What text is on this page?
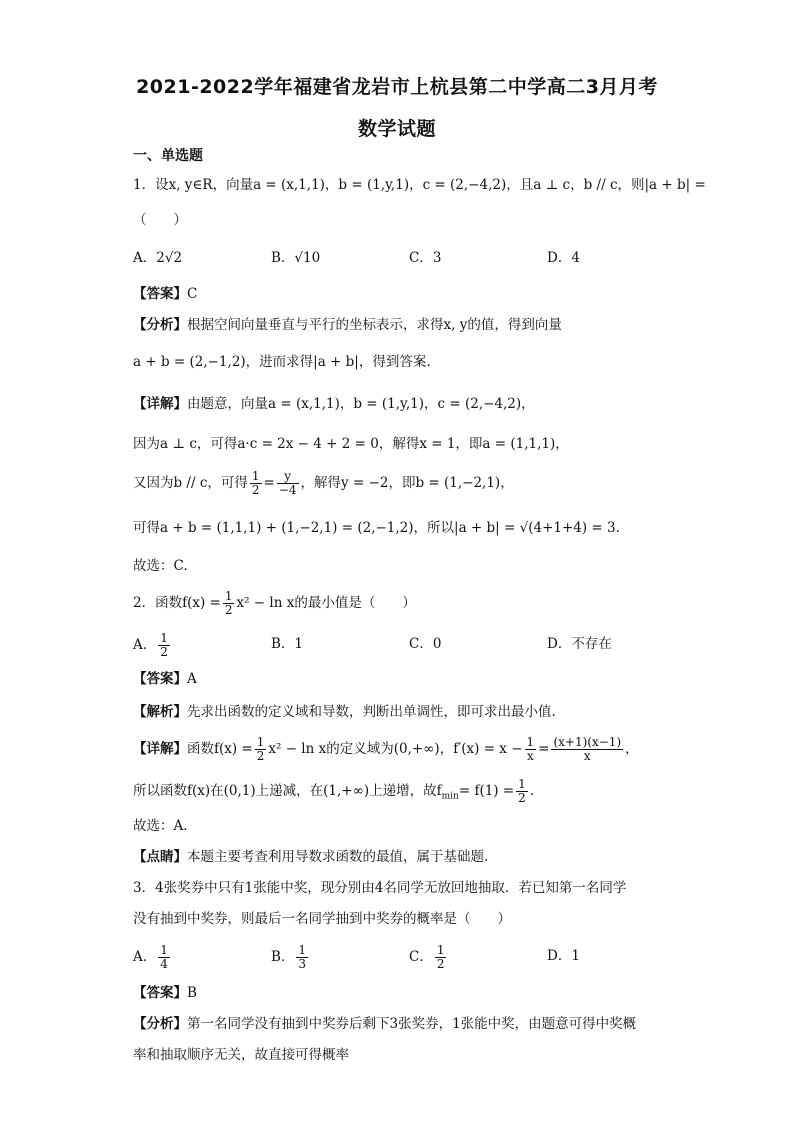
2021-2022学年福建省龙岩市上杭县第二中学高二3月月考
数学试题
一、单选题
1．设x, y∈R，向量a = (x,1,1)，b = (1,y,1)，c = (2,−4,2)，且a ⊥ c，b // c，则|a + b| =
（　　）
A．2√2	B．√10	C．3	D．4
【答案】C
【分析】根据空间向量垂直与平行的坐标表示，求得x, y的值，得到向量
a + b = (2,−1,2)，进而求得|a + b|，得到答案.
【详解】由题意，向量a = (x,1,1)，b = (1,y,1)，c = (2,−4,2)，
因为a ⊥ c，可得a·c = 2x − 4 + 2 = 0，解得x = 1，即a = (1,1,1)，
又因为b // c，可得 $\frac{1}{2} = \frac{y}{-4}$ ，解得y = −2，即b = (1,−2,1)，
可得a + b = (1,1,1) + (1,−2,1) = (2,−1,2)，所以|a + b| = √(4+1+4) = 3.
故选：C.
2．函数$f(x) = \frac{1}{2} x^2 - \ln x$的最小值是（　　）
A． $\frac{1}{2}$	B．1	C．0	D．不存在
【答案】A
【解析】先求出函数的定义域和导数，判断出单调性，即可求出最小值.
【详解】函数$f(x) = \frac{1}{2} x^2 - \ln x$的定义域为(0,+∞)，$f'(x) = x - \frac{1}{x} = \frac{(x+1)(x-1)}{x}$ ，
所以函数f(x)在(0,1)上递减，在(1,+∞)上递增，故$f_{min}= f(1) = \frac{1}{2}$ .
故选：A.
【点睛】本题主要考查利用导数求函数的最值，属于基础题.
3．4张奖券中只有1张能中奖，现分别由4名同学无放回地抽取．若已知第一名同学
没有抽到中奖券，则最后一名同学抽到中奖券的概率是（　　）
A． $\frac{1}{4}$	B． $\frac{1}{3}$	C． $\frac{1}{2}$	D．1
【答案】B
【分析】第一名同学没有抽到中奖券后剩下3张奖券，1张能中奖，由题意可得中奖概
率和抽取顺序无关，故直接可得概率
